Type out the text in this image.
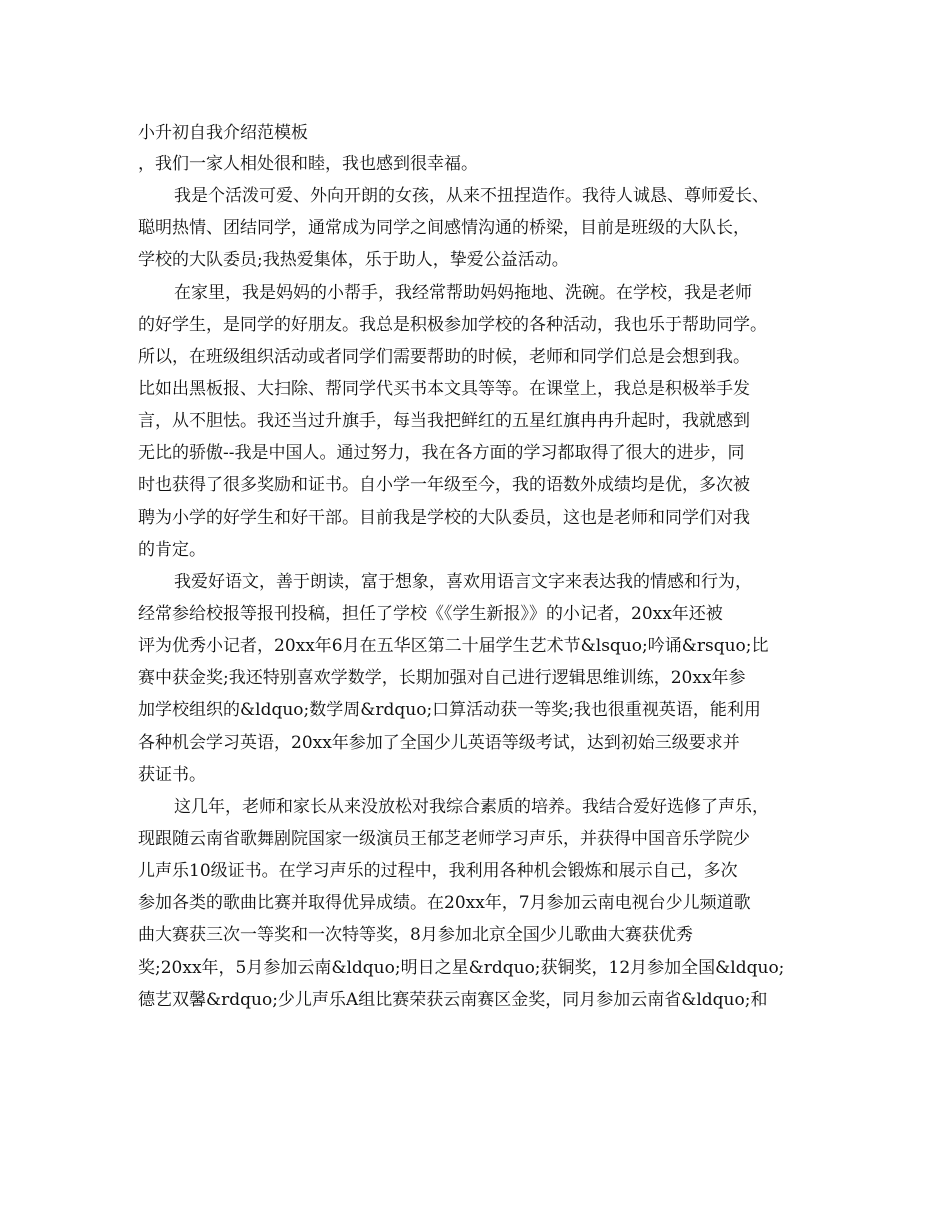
小升初自我介绍范模板
，我们一家人相处很和睦，我也感到很幸福。
我是个活泼可爱、外向开朗的女孩，从来不扭捏造作。我待人诚恳、尊师爱长、
聪明热情、团结同学，通常成为同学之间感情沟通的桥梁，目前是班级的大队长，
学校的大队委员;我热爱集体，乐于助人，挚爱公益活动。
在家里，我是妈妈的小帮手，我经常帮助妈妈拖地、洗碗。在学校，我是老师
的好学生，是同学的好朋友。我总是积极参加学校的各种活动，我也乐于帮助同学。
所以，在班级组织活动或者同学们需要帮助的时候，老师和同学们总是会想到我。
比如出黑板报、大扫除、帮同学代买书本文具等等。在课堂上，我总是积极举手发
言，从不胆怯。我还当过升旗手，每当我把鲜红的五星红旗冉冉升起时，我就感到
无比的骄傲--我是中国人。通过努力，我在各方面的学习都取得了很大的进步，同
时也获得了很多奖励和证书。自小学一年级至今，我的语数外成绩均是优，多次被
聘为小学的好学生和好干部。目前我是学校的大队委员，这也是老师和同学们对我
的肯定。
我爱好语文，善于朗读，富于想象，喜欢用语言文字来表达我的情感和行为，
经常参给校报等报刊投稿，担任了学校《《学生新报》》的小记者，20xx年还被
评为优秀小记者，20xx年6月在五华区第二十届学生艺术节&lsquo;吟诵&rsquo;比
赛中获金奖;我还特别喜欢学数学，长期加强对自己进行逻辑思维训练，20xx年参
加学校组织的&ldquo;数学周&rdquo;口算活动获一等奖;我也很重视英语，能利用
各种机会学习英语，20xx年参加了全国少儿英语等级考试，达到初始三级要求并
获证书。
这几年，老师和家长从来没放松对我综合素质的培养。我结合爱好选修了声乐，
现跟随云南省歌舞剧院国家一级演员王郁芝老师学习声乐，并获得中国音乐学院少
儿声乐10级证书。在学习声乐的过程中，我利用各种机会锻炼和展示自己，多次
参加各类的歌曲比赛并取得优异成绩。在20xx年，7月参加云南电视台少儿频道歌
曲大赛获三次一等奖和一次特等奖，8月参加北京全国少儿歌曲大赛获优秀
奖;20xx年，5月参加云南&ldquo;明日之星&rdquo;获铜奖，12月参加全国&ldquo;
德艺双馨&rdquo;少儿声乐A组比赛荣获云南赛区金奖，同月参加云南省&ldquo;和
